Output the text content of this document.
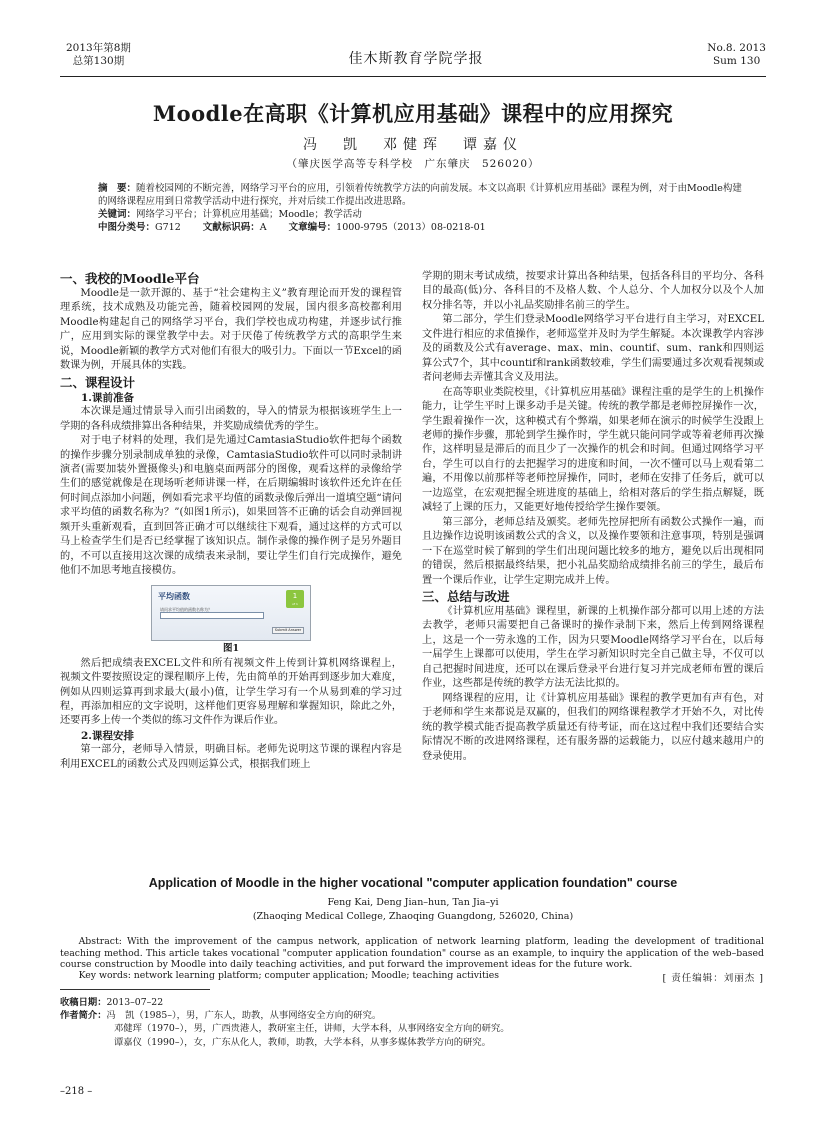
2013年第8期
总第130期	佳木斯教育学院学报
No.8. 2013
Sum 130
Moodle在高职《计算机应用基础》课程中的应用探究
冯　凯　邓健珲　谭嘉仪
（肇庆医学高等专科学校　广东肇庆　526020）
摘　要：随着校园网的不断完善，网络学习平台的应用，引领着传统教学方法的向前发展。本文以高职《计算机应用基础》课程为例，对于由Moodle构建的网络课程应用到日常教学活动中进行探究，并对后续工作提出改进思路。
关键词：网络学习平台；计算机应用基础；Moodle；教学活动
中图分类号：G712 文献标识码：A 文章编号：1000-9795（2013）08-0218-01
一、我校的Moodle平台

Moodle是一款开源的、基于“社会建构主义”教育理论而开发的课程管理系统，技术成熟及功能完善，随着校园网的发展，国内很多高校都利用Moodle构建起自己的网络学习平台，我们学校也成功构建，并逐步试行推广，应用到实际的课堂教学中去。对于厌倦了传统教学方式的高职学生来说，Moodle新颖的教学方式对他们有很大的吸引力。下面以一节Excel的函数课为例，开展具体的实践。

二、课程设计
1.课前准备

本次课是通过情景导入而引出函数的，导入的情景为根据该班学生上一学期的各科成绩排算出各种结果，并奖励成绩优秀的学生。

对于电子材料的处理，我们是先通过CamtasiaStudio软件把每个函数的操作步骤分别录制成单独的录像，CamtasiaStudio软件可以同时录制讲演者(需要加装外置摄像头)和电脑桌面两部分的图像，观看这样的录像给学生们的感觉就像是在现场听老师讲课一样，在后期编辑时该软件还允许在任何时间点添加小问题，例如看完求平均值的函数录像后弹出一道填空题“请问求平均值的函数名称为？”(如图1所示)，如果回答不正确的话会自动弹回视频开头重新观看，直到回答正确才可以继续往下观看，通过这样的方式可以马上检查学生们是否已经掌握了该知识点。制作录像的操作例子是另外题目的，不可以直接用这次课的成绩表来录制，要让学生们自行完成操作，避免他们不加思考地直接模仿。

平均函数
请问求平均值的函数名称为？
1
of 1
Submit Answer
图1

然后把成绩表EXCEL文件和所有视频文件上传到计算机网络课程上，视频文件要按照设定的课程顺序上传，先由简单的开始再到逐步加大难度，例如从四则运算再到求最大(最小)值，让学生学习有一个从易到难的学习过程，再添加相应的文字说明，这样他们更容易理解和掌握知识，除此之外，还要再多上传一个类似的练习文件作为课后作业。

2.课程安排

第一部分，老师导入情景，明确目标。老师先说明这节课的课程内容是利用EXCEL的函数公式及四则运算公式，根据我们班上

学期的期末考试成绩，按要求计算出各种结果，包括各科目的平均分、各科目的最高(低)分、各科目的不及格人数、个人总分、个人加权分以及个人加权分排名等，并以小礼品奖励排名前三的学生。

第二部分，学生们登录Moodle网络学习平台进行自主学习，对EXCEL文件进行相应的求值操作，老师巡堂并及时为学生解疑。本次课教学内容涉及的函数及公式有average、max、min、countif、sum、rank和四则运算公式7个，其中countif和rank函数较难，学生们需要通过多次观看视频或者问老师去弄懂其含义及用法。

在高等职业类院校里，《计算机应用基础》课程注重的是学生的上机操作能力，让学生平时上课多动手是关键。传统的教学都是老师控屏操作一次，学生跟着操作一次，这种模式有个弊端，如果老师在演示的时候学生没跟上老师的操作步骤，那轮到学生操作时，学生就只能问同学或等着老师再次操作，这样明显是滞后的而且少了一次操作的机会和时间。但通过网络学习平台，学生可以自行的去把握学习的进度和时间，一次不懂可以马上观看第二遍，不用像以前那样等老师控屏操作，同时，老师在安排了任务后，就可以一边巡堂，在宏观把握全班进度的基础上，给相对落后的学生指点解疑，既减轻了上课的压力，又能更好地传授给学生操作要领。

第三部分，老师总结及颁奖。老师先控屏把所有函数公式操作一遍，而且边操作边说明该函数公式的含义，以及操作要领和注意事项，特别是强调一下在巡堂时候了解到的学生们出现问题比较多的地方，避免以后出现相同的错误，然后根据最终结果，把小礼品奖励给成绩排名前三的学生，最后布置一个课后作业，让学生定期完成并上传。

三、总结与改进

《计算机应用基础》课程里，新课的上机操作部分都可以用上述的方法去教学，老师只需要把自己备课时的操作录制下来，然后上传到网络课程上，这是一个一劳永逸的工作，因为只要Moodle网络学习平台在，以后每一届学生上课都可以使用，学生在学习新知识时完全自己做主导，不仅可以自己把握时间进度，还可以在课后登录平台进行复习并完成老师布置的课后作业，这些都是传统的教学方法无法比拟的。

网络课程的应用，让《计算机应用基础》课程的教学更加有声有色，对于老师和学生来都说是双赢的，但我们的网络课程教学才开始不久，对比传统的教学模式能否提高教学质量还有待考证，而在这过程中我们还要结合实际情况不断的改进网络课程，还有服务器的运载能力，以应付越来越用户的登录使用。

Application of Moodle in the higher vocational "computer application foundation" course
Feng Kai, Deng Jian–hun, Tan Jia–yi
(Zhaoqing Medical College, Zhaoqing Guangdong, 526020, China)
Abstract: With the improvement of the campus network, application of network learning platform, leading the development of traditional teaching method. This article takes vocational "computer application foundation" course as an example, to inquiry the application of the web–based course construction by Moodle into daily teaching activities, and put forward the improvement ideas for the future work.
Key words: network learning platform; computer application; Moodle; teaching activities	[ 责任编辑：刘丽杰 ]
收稿日期：2013–07–22
作者简介：冯　凯（1985–），男，广东人，助教，从事网络安全方向的研究。
邓健珲（1970–），男，广西贵港人，教研室主任，讲师，大学本科，从事网络安全方向的研究。
谭嘉仪（1990–），女，广东从化人，教师，助教，大学本科，从事多媒体教学方向的研究。
–218 –
